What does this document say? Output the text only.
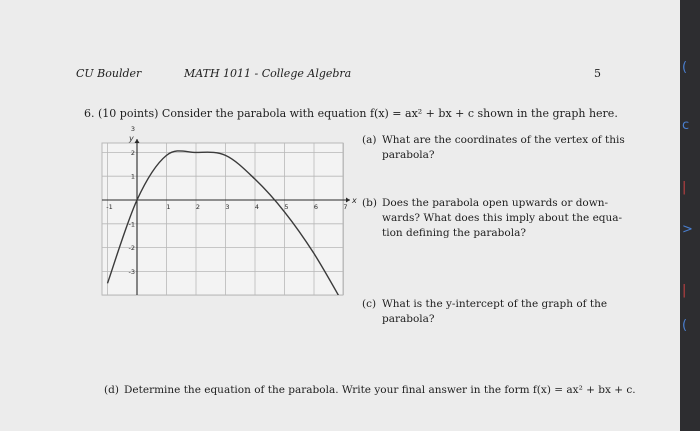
CU Boulder	MATH 1011 - College Algebra	5
6. (10 points) Consider the parabola with equation f(x) = ax² + bx + c shown in the graph here.
-1	1	2	3	4	5	6	7
3
2
1
-1
-2
-3
x
y	(a) What are the coordinates of the vertex of this
parabola?
(b) Does the parabola open upwards or down-
wards? What does this imply about the equa-
tion defining the parabola?
(c) What is the y-intercept of the graph of the
parabola?
(d) Determine the equation of the parabola. Write your final answer in the form f(x) = ax² + bx + c.
(
c
|
>
|
(
